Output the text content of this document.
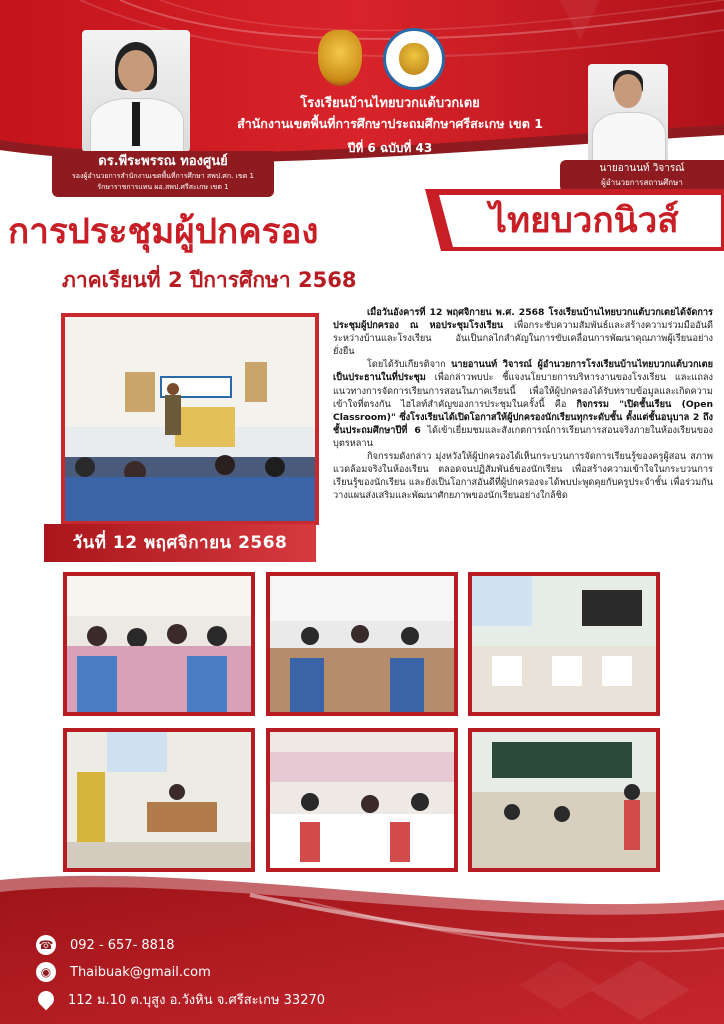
โรงเรียนบ้านไทยบวกแต้บวกเตย
สำนักงานเขตพื้นที่การศึกษาประถมศึกษาศรีสะเกษ เขต 1
ปีที่ 6 ฉบับที่ 43
ดร.พีระพรรณ ทองศูนย์
รองผู้อำนวยการสำนักงานเขตพื้นที่การศึกษา สพป.ศก. เขต 1
รักษาราชการแทน ผอ.สพป.ศรีสะเกษ เขต 1
นายอานนท์ วิจารณ์
ผู้อำนวยการสถานศึกษา
การประชุมผู้ปกครอง	ไทยบวกนิวส์
ภาคเรียนที่ 2 ปีการศึกษา 2568
วันที่ 12 พฤศจิกายน 2568

เมื่อวันอังคารที่ 12 พฤศจิกายน พ.ศ. 2568 โรงเรียนบ้านไทยบวกแต้บวกเตยได้จัดการประชุมผู้ปกครอง ณ หอประชุมโรงเรียน เพื่อกระชับความสัมพันธ์และสร้างความร่วมมืออันดีระหว่างบ้านและโรงเรียน อันเป็นกลไกสำคัญในการขับเคลื่อนการพัฒนาคุณภาพผู้เรียนอย่างยั่งยืน

โดยได้รับเกียรติจาก นายอานนท์ วิจารณ์ ผู้อำนวยการโรงเรียนบ้านไทยบวกแต้บวกเตย เป็นประธานในที่ประชุม เพื่อกล่าวพบปะ ชี้แจงนโยบายการบริหารงานของโรงเรียน และแถลงแนวทางการจัดการเรียนการสอนในภาคเรียนนี้ เพื่อให้ผู้ปกครองได้รับทราบข้อมูลและเกิดความเข้าใจที่ตรงกัน ไฮไลท์สำคัญของการประชุมในครั้งนี้ คือ กิจกรรม "เปิดชั้นเรียน (Open Classroom)" ซึ่งโรงเรียนได้เปิดโอกาสให้ผู้ปกครองนักเรียนทุกระดับชั้น ตั้งแต่ชั้นอนุบาล 2 ถึงชั้นประถมศึกษาปีที่ 6 ได้เข้าเยี่ยมชมและสังเกตการณ์การเรียนการสอนจริงภายในห้องเรียนของบุตรหลาน

กิจกรรมดังกล่าว มุ่งหวังให้ผู้ปกครองได้เห็นกระบวนการจัดการเรียนรู้ของครูผู้สอน สภาพแวดล้อมจริงในห้องเรียน ตลอดจนปฏิสัมพันธ์ของนักเรียน เพื่อสร้างความเข้าใจในกระบวนการเรียนรู้ของนักเรียน และยังเป็นโอกาสอันดีที่ผู้ปกครองจะได้พบปะพูดคุยกับครูประจำชั้น เพื่อร่วมกันวางแผนส่งเสริมและพัฒนาศักยภาพของนักเรียนอย่างใกล้ชิด

☎ 092 - 657- 8818
◉	Thaibuak@gmail.com
112 ม.10 ต.บุสูง อ.วังหิน จ.ศรีสะเกษ 33270
